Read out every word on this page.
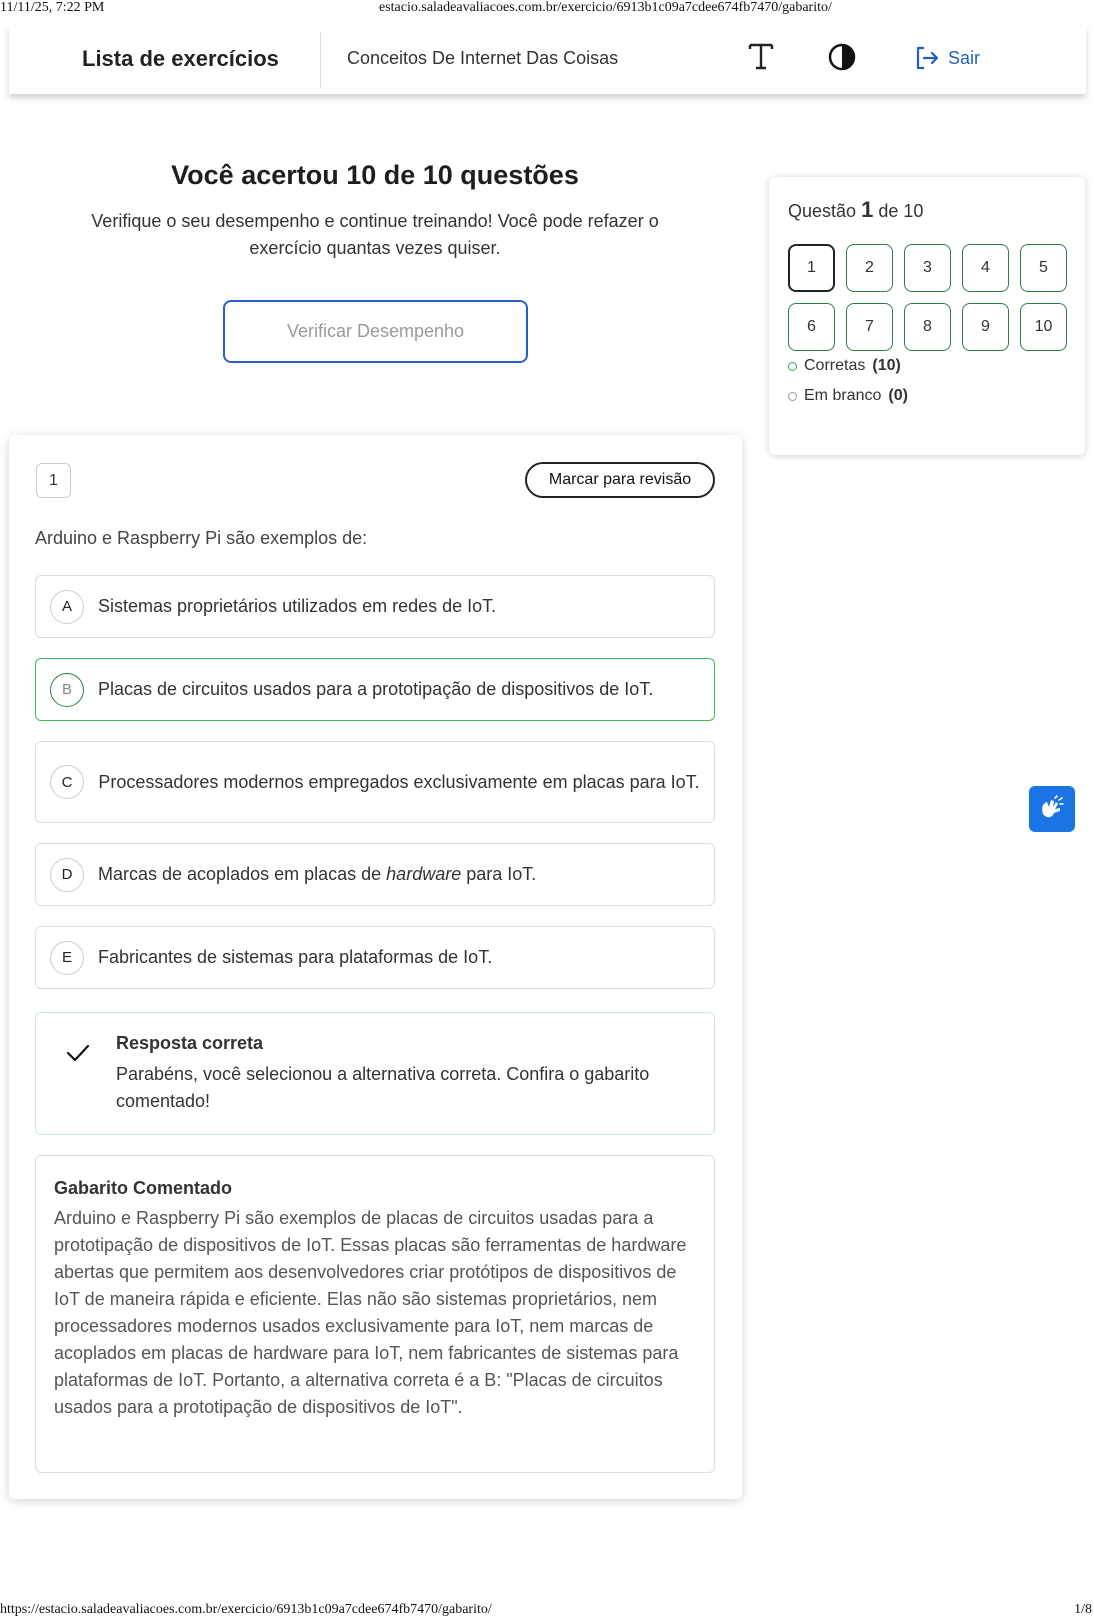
11/11/25, 7:22 PM	estacio.saladeavaliacoes.com.br/exercicio/6913b1c09a7cdee674fb7470/gabarito/
Lista de exercícios	Conceitos De Internet Das Coisas	Sair
Você acertou 10 de 10 questões

Verifique o seu desempenho e continue treinando! Você pode refazer o exercício quantas vezes quiser.

Verificar Desempenho
Questão 1 de 10
1	2	3	4	5
6	7	8	9	10
Corretas (10)
Em branco (0)
1	Marcar para revisão
Arduino e Raspberry Pi são exemplos de:
A	Sistemas proprietários utilizados em redes de IoT.
B	Placas de circuitos usados para a prototipação de dispositivos de IoT.
C	Processadores modernos empregados exclusivamente em placas para IoT.
D	Marcas de acoplados em placas de hardware para IoT.
E	Fabricantes de sistemas para plataformas de IoT.
Resposta correta

Parabéns, você selecionou a alternativa correta. Confira o gabarito comentado!

Gabarito Comentado

Arduino e Raspberry Pi são exemplos de placas de circuitos usadas para a prototipação de dispositivos de IoT. Essas placas são ferramentas de hardware abertas que permitem aos desenvolvedores criar protótipos de dispositivos de IoT de maneira rápida e eficiente. Elas não são sistemas proprietários, nem processadores modernos usados exclusivamente para IoT, nem marcas de acoplados em placas de hardware para IoT, nem fabricantes de sistemas para plataformas de IoT. Portanto, a alternativa correta é a B: "Placas de circuitos usados para a prototipação de dispositivos de IoT".

https://estacio.saladeavaliacoes.com.br/exercicio/6913b1c09a7cdee674fb7470/gabarito/	1/8
